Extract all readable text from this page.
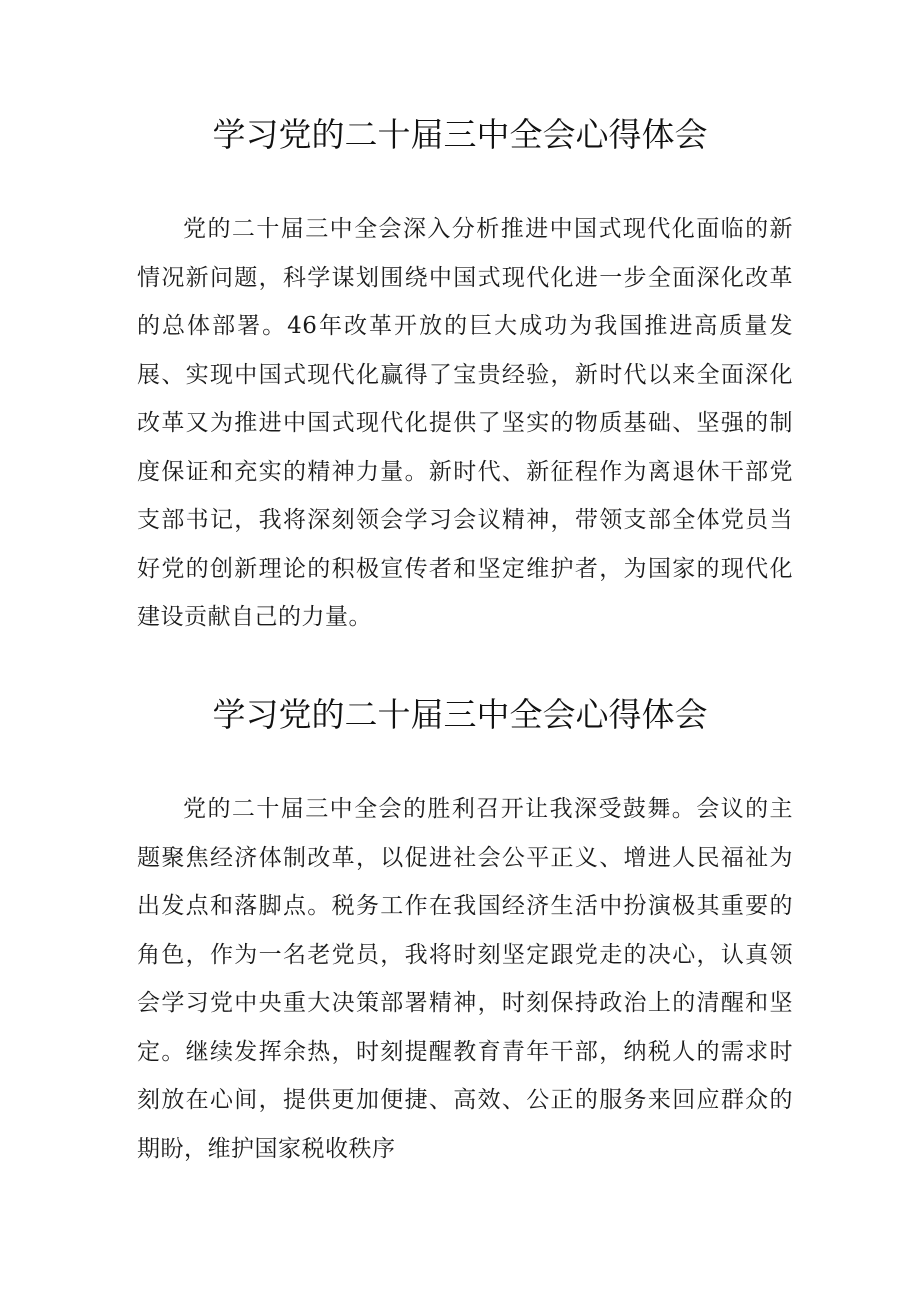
学习党的二十届三中全会心得体会

党的二十届三中全会深入分析推进中国式现代化面临的新情况新问题，科学谋划围绕中国式现代化进一步全面深化改革的总体部署。46年改革开放的巨大成功为我国推进高质量发展、实现中国式现代化赢得了宝贵经验，新时代以来全面深化改革又为推进中国式现代化提供了坚实的物质基础、坚强的制度保证和充实的精神力量。新时代、新征程作为离退休干部党支部书记，我将深刻领会学习会议精神，带领支部全体党员当好党的创新理论的积极宣传者和坚定维护者，为国家的现代化建设贡献自己的力量。

学习党的二十届三中全会心得体会

党的二十届三中全会的胜利召开让我深受鼓舞。会议的主题聚焦经济体制改革，以促进社会公平正义、增进人民福祉为出发点和落脚点。税务工作在我国经济生活中扮演极其重要的角色，作为一名老党员，我将时刻坚定跟党走的决心，认真领会学习党中央重大决策部署精神，时刻保持政治上的清醒和坚定。继续发挥余热，时刻提醒教育青年干部，纳税人的需求时刻放在心间，提供更加便捷、高效、公正的服务来回应群众的期盼，维护国家税收秩序
